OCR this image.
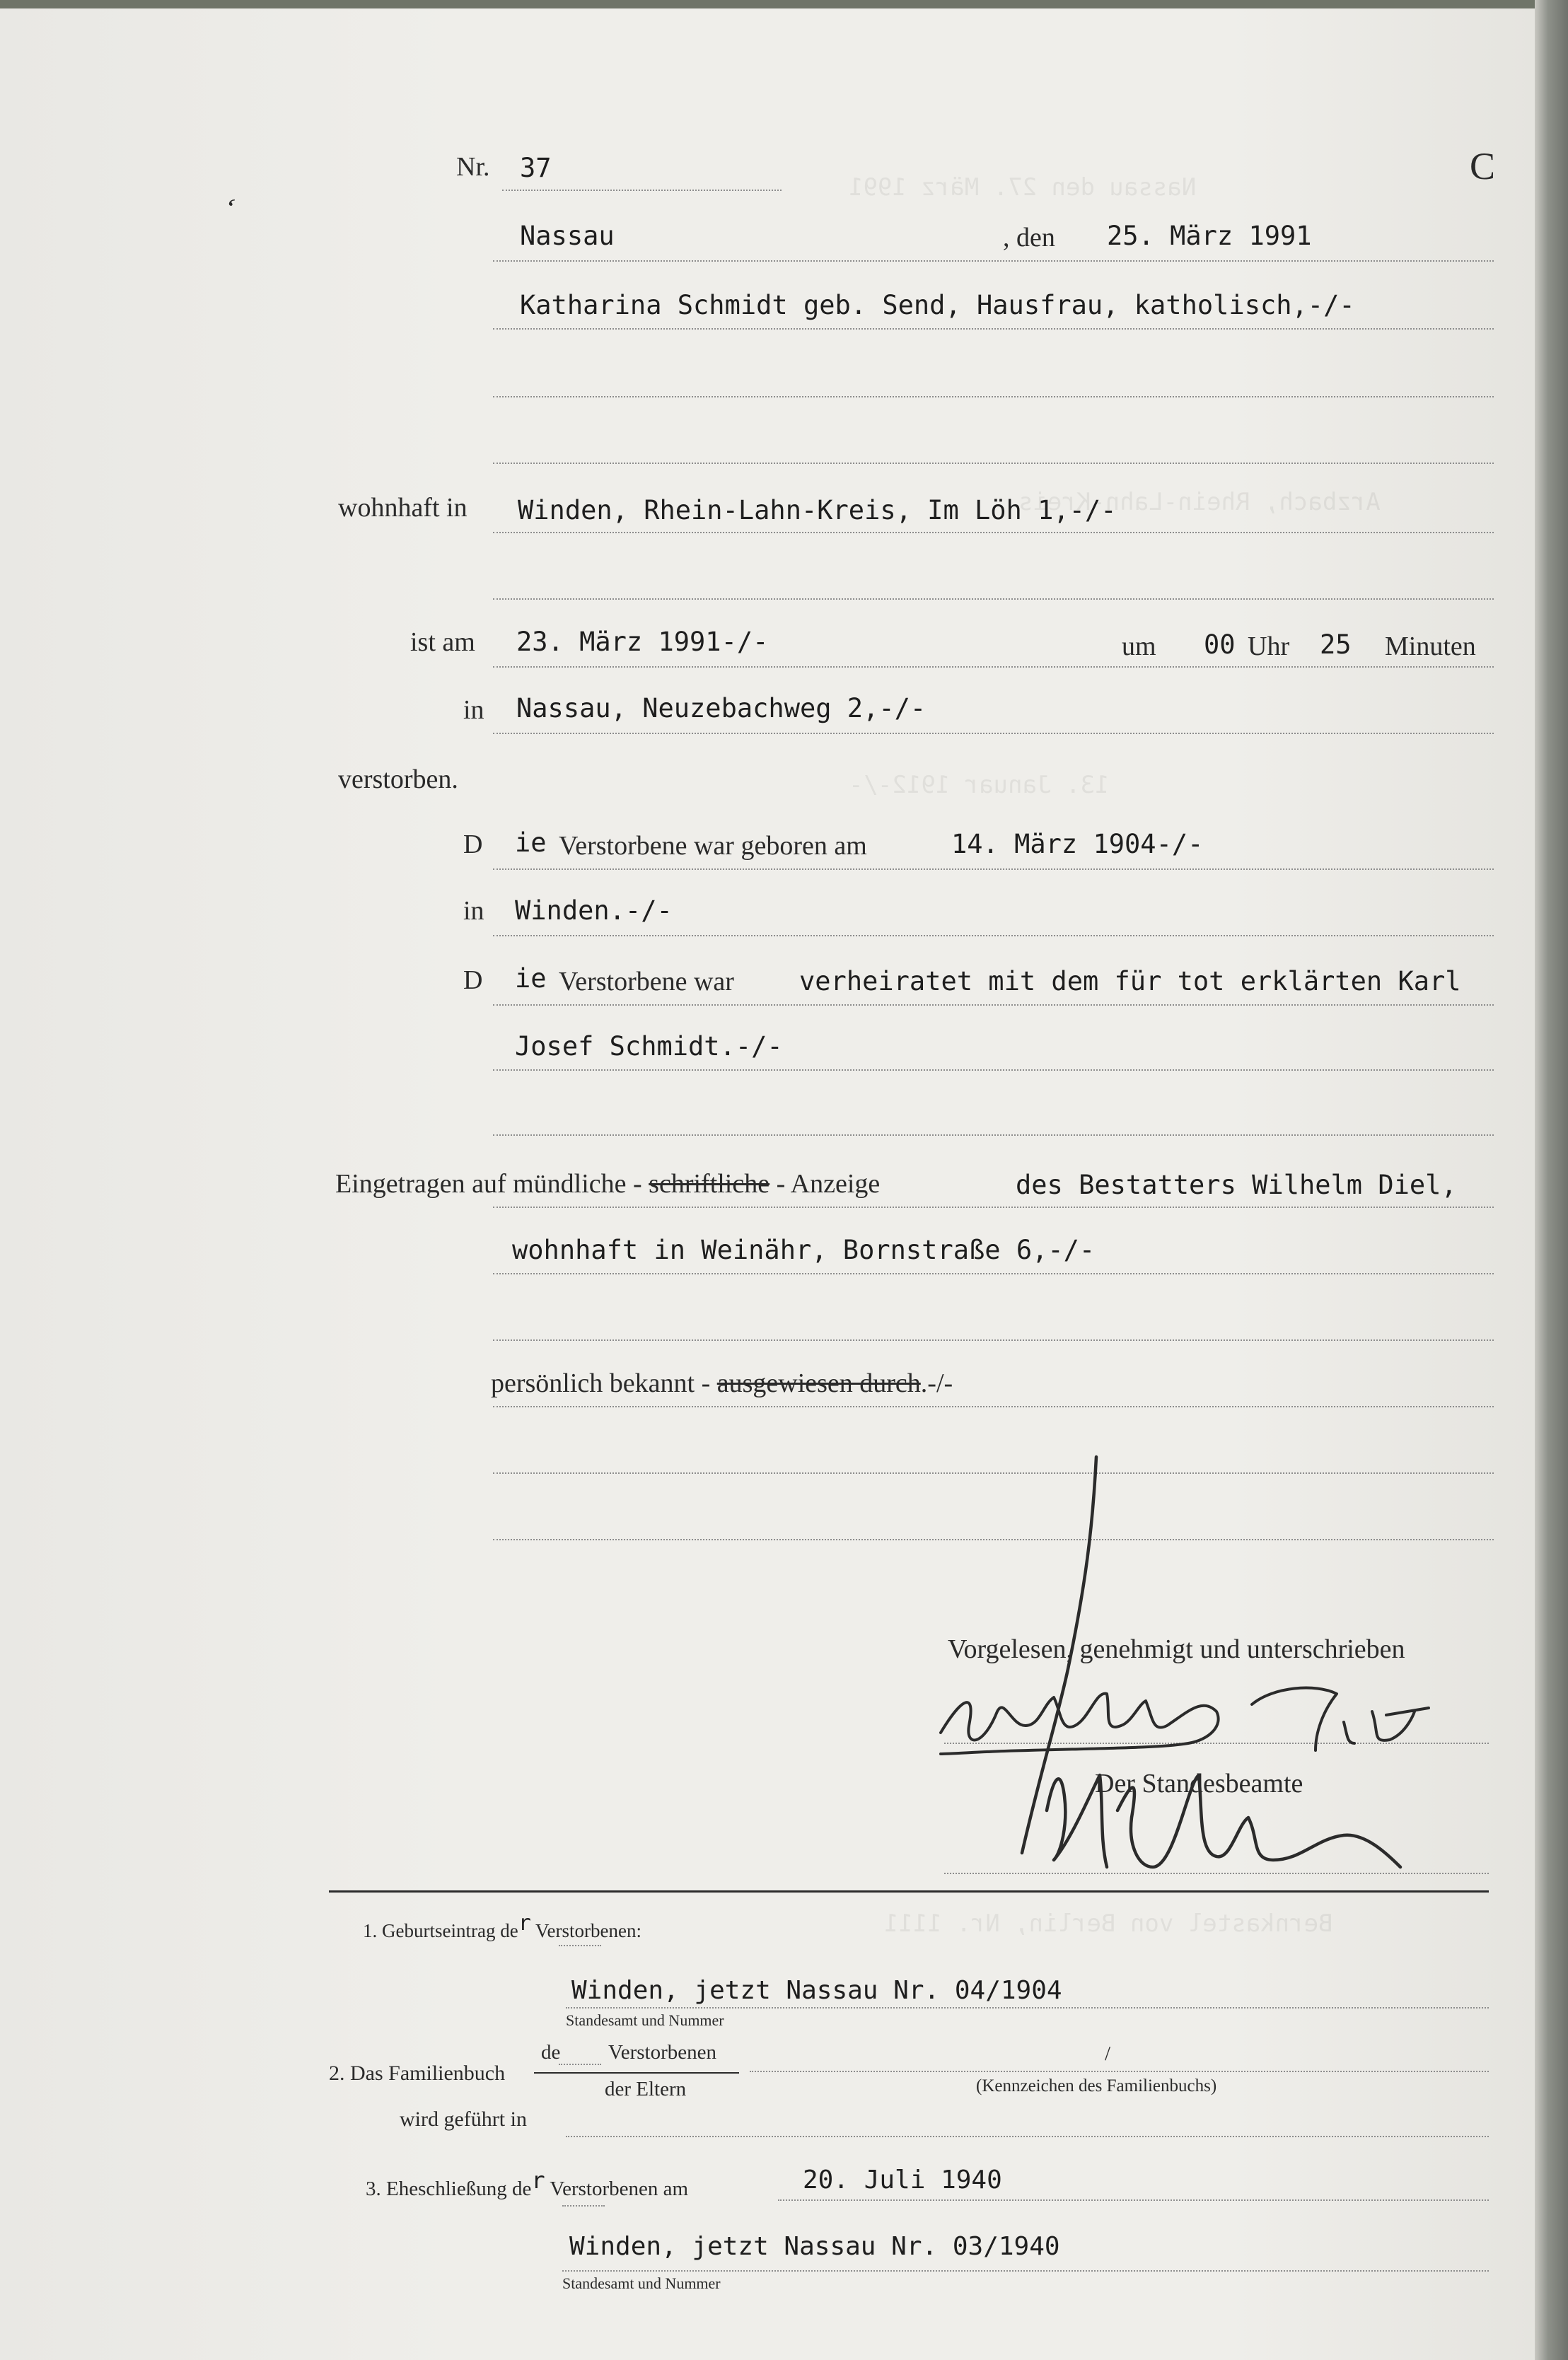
Nassau den 27. März 1991
Arzbach, Rhein-Lahn-Kreis
13. Januar 1912-/-
Bernkastel von Berlin, Nr. 1111
Nr. 37	C
‘
Nassau	, den 25. März 1991
Katharina Schmidt geb. Send, Hausfrau, katholisch,-/-
wohnhaft in Winden, Rhein-Lahn-Kreis, Im Löh 1,-/-
ist am 23. März 1991-/-	um 00 Uhr 25 Minuten
in Nassau, Neuzebachweg 2,-/-
verstorben.
D ie Verstorbene war geboren am	14. März 1904-/-
in Winden.-/-
D ie Verstorbene war verheiratet mit dem für tot erklärten Karl
Josef Schmidt.-/-
Eingetragen auf mündliche - schriftliche - Anzeige	des Bestatters Wilhelm Diel,
wohnhaft in Weinähr, Bornstraße 6,-/-
persönlich bekannt - ausgewiesen durch.-/-
Vorgelesen, genehmigt und unterschrieben
Der Standesbeamte
1. Geburtseintrag der Verstorbenen:
Winden, jetzt Nassau Nr. 04/1904
Standesamt und Nummer
2. Das Familienbuch
de Verstorbenen
der Eltern
/
(Kennzeichen des Familienbuchs)
wird geführt in
3. Eheschließung der Verstorbenen am	20. Juli 1940
Winden, jetzt Nassau Nr. 03/1940
Standesamt und Nummer
